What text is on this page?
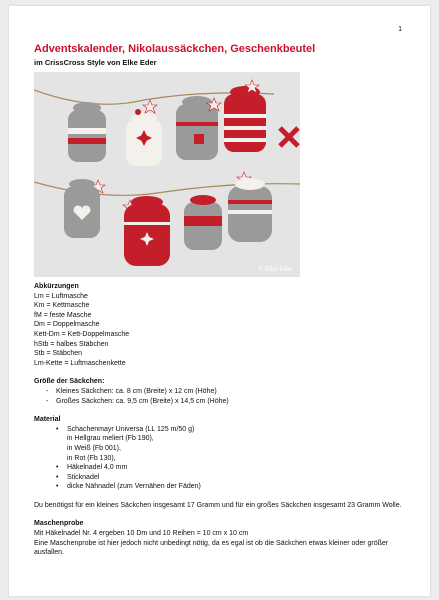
1
Adventskalender, Nikolaussäckchen, Geschenkbeutel
im CrissCross Style von Elke Eder
© Elke Eder
Abkürzungen

Lm = Luftmasche

Km = Kettmasche

fM = feste Masche

Dm = Doppelmasche

Kett-Dm = Kett-Doppelmasche

hStb = halbes Stäbchen

Stb = Stäbchen

Lm-Kette = Luftmaschenkette

Größe der Säckchen:
- Kleines Säckchen: ca. 8 cm (Breite) x 12 cm (Höhe)
- Großes Säckchen: ca. 9,5 cm (Breite) x 14,5 cm (Höhe)
Material
• Schachenmayr Universa (LL 125 m/50 g)
in Hellgrau meliert (Fb 190),
in Weiß (Fb 001),
in Rot (Fb 130),
• Häkelnadel 4,0 mm
• Sticknadel
• dicke Nähnadel (zum Vernähen der Fäden)

Du benötigst für ein kleines Säckchen insgesamt 17 Gramm und für ein großes Säckchen insgesamt 23 Gramm Wolle.

Maschenprobe

Mit Häkelnadel Nr. 4 ergeben 10 Dm und 10 Reihen = 10 cm x 10 cm

Eine Maschenprobe ist hier jedoch nicht unbedingt nötig, da es egal ist ob die Säckchen etwas kleiner oder größer ausfallen.
